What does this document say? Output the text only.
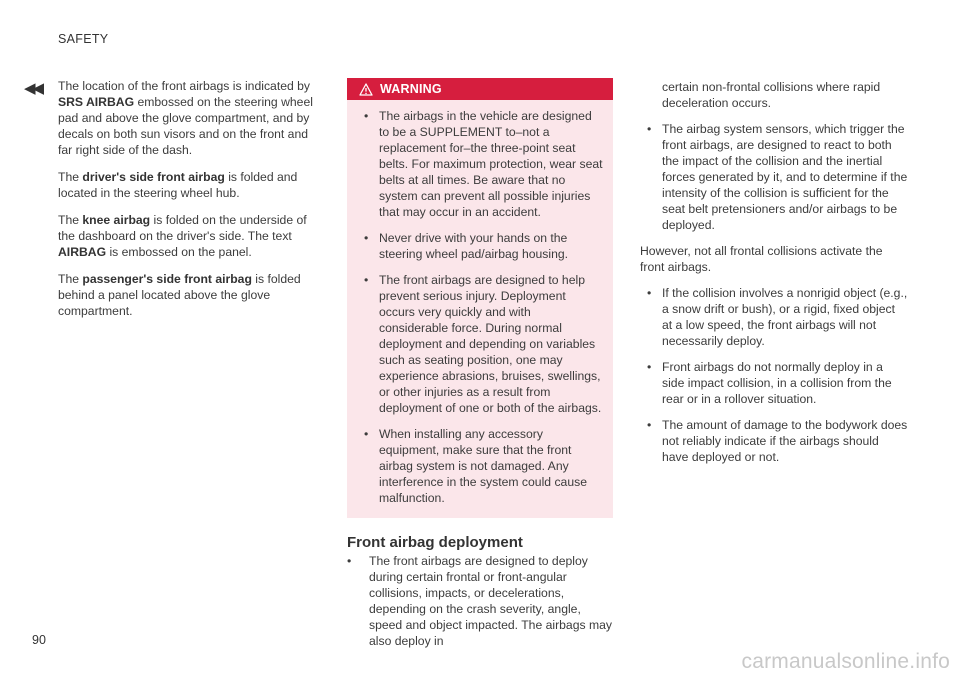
SAFETY
◀◀ The location of the front airbags is indicated by SRS AIRBAG embossed on the steering wheel pad and above the glove compartment, and by decals on both sun visors and on the front and far right side of the dash.

The driver's side front airbag is folded and located in the steering wheel hub.

The knee airbag is folded on the underside of the dashboard on the driver's side. The text AIRBAG is embossed on the panel.

The passenger's side front airbag is folded behind a panel located above the glove compartment.

WARNING
• The airbags in the vehicle are designed to be a SUPPLEMENT to–not a replacement for–the three-point seat belts. For maximum protection, wear seat belts at all times. Be aware that no system can prevent all possible injuries that may occur in an accident.
• Never drive with your hands on the steering wheel pad/airbag housing.
• The front airbags are designed to help prevent serious injury. Deployment occurs very quickly and with considerable force. During normal deployment and depending on variables such as seating position, one may experience abrasions, bruises, swellings, or other injuries as a result from deployment of one or both of the airbags.
• When installing any accessory equipment, make sure that the front airbag system is not damaged. Any interference in the system could cause malfunction.
Front airbag deployment
• The front airbags are designed to deploy during certain frontal or front-angular collisions, impacts, or decelerations, depending on the crash severity, angle, speed and object impacted. The airbags may also deploy in
certain non-frontal collisions where rapid deceleration occurs.
• The airbag system sensors, which trigger the front airbags, are designed to react to both the impact of the collision and the inertial forces generated by it, and to determine if the intensity of the collision is sufficient for the seat belt pretensioners and/or airbags to be deployed.

However, not all frontal collisions activate the front airbags.

• If the collision involves a nonrigid object (e.g., a snow drift or bush), or a rigid, fixed object at a low speed, the front airbags will not necessarily deploy.
• Front airbags do not normally deploy in a side impact collision, in a collision from the rear or in a rollover situation.
• The amount of damage to the bodywork does not reliably indicate if the airbags should have deployed or not.
90
carmanualsonline.info
